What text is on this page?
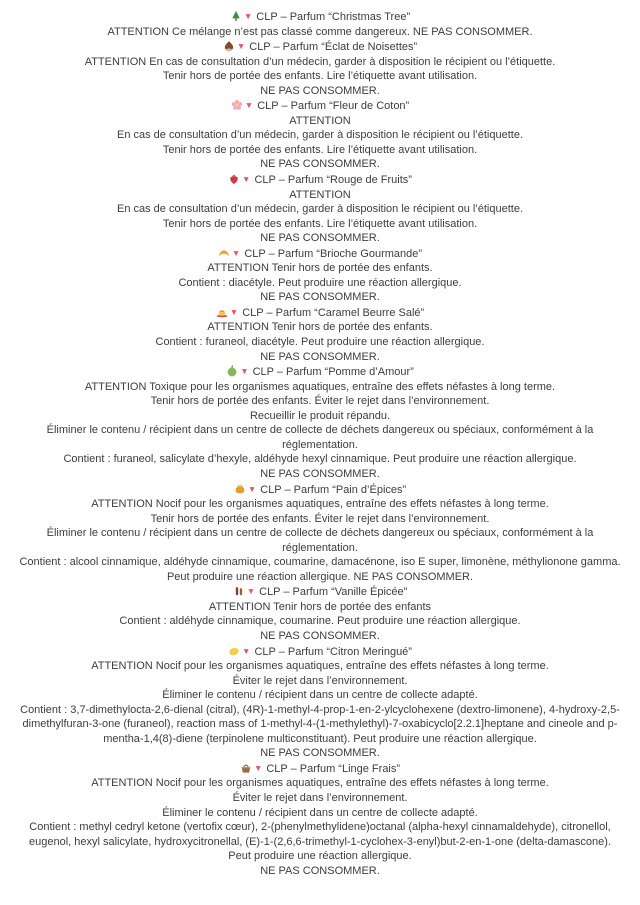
▼ CLP – Parfum “Christmas Tree”
ATTENTION Ce mélange n’est pas classé comme dangereux. NE PAS CONSOMMER.
▼ CLP – Parfum “Éclat de Noisettes”
ATTENTION En cas de consultation d’un médecin, garder à disposition le récipient ou l’étiquette.
Tenir hors de portée des enfants. Lire l’étiquette avant utilisation.
NE PAS CONSOMMER.
▼ CLP – Parfum “Fleur de Coton”
ATTENTION
En cas de consultation d’un médecin, garder à disposition le récipient ou l’étiquette.
Tenir hors de portée des enfants. Lire l’étiquette avant utilisation.
NE PAS CONSOMMER.
▼ CLP – Parfum “Rouge de Fruits”
ATTENTION
En cas de consultation d’un médecin, garder à disposition le récipient ou l’étiquette.
Tenir hors de portée des enfants. Lire l’étiquette avant utilisation.
NE PAS CONSOMMER.
▼ CLP – Parfum “Brioche Gourmande”
ATTENTION Tenir hors de portée des enfants.
Contient : diacétyle. Peut produire une réaction allergique.
NE PAS CONSOMMER.
▼ CLP – Parfum “Caramel Beurre Salé”
ATTENTION Tenir hors de portée des enfants.
Contient : furaneol, diacétyle. Peut produire une réaction allergique.
NE PAS CONSOMMER.
▼ CLP – Parfum “Pomme d’Amour”
ATTENTION Toxique pour les organismes aquatiques, entraîne des effets néfastes à long terme.
Tenir hors de portée des enfants. Éviter le rejet dans l’environnement.
Recueillir le produit répandu.
Éliminer le contenu / récipient dans un centre de collecte de déchets dangereux ou spéciaux, conformément à la réglementation.
Contient : furaneol, salicylate d’hexyle, aldéhyde hexyl cinnamique. Peut produire une réaction allergique.
NE PAS CONSOMMER.
▼ CLP – Parfum “Pain d’Épices”
ATTENTION Nocif pour les organismes aquatiques, entraîne des effets néfastes à long terme.
Tenir hors de portée des enfants. Éviter le rejet dans l’environnement.
Éliminer le contenu / récipient dans un centre de collecte de déchets dangereux ou spéciaux, conformément à la réglementation.
Contient : alcool cinnamique, aldéhyde cinnamique, coumarine, damacénone, iso E super, limonène, méthylionone gamma. Peut produire une réaction allergique. NE PAS CONSOMMER.
▼ CLP – Parfum “Vanille Épicée”
ATTENTION Tenir hors de portée des enfants
Contient : aldéhyde cinnamique, coumarine. Peut produire une réaction allergique.
NE PAS CONSOMMER.
▼ CLP – Parfum “Citron Meringué”
ATTENTION Nocif pour les organismes aquatiques, entraîne des effets néfastes à long terme.
Éviter le rejet dans l’environnement.
Éliminer le contenu / récipient dans un centre de collecte adapté.
Contient : 3,7-dimethylocta-2,6-dienal (citral), (4R)-1-methyl-4-prop-1-en-2-ylcyclohexene (dextro-limonene), 4-hydroxy-2,5-dimethylfuran-3-one (furaneol), reaction mass of 1-methyl-4-(1-methylethyl)-7-oxabicyclo[2.2.1]heptane and cineole and p-mentha-1,4(8)-diene (terpinolene multiconstituant). Peut produire une réaction allergique.
NE PAS CONSOMMER.
▼ CLP – Parfum “Linge Frais”
ATTENTION Nocif pour les organismes aquatiques, entraîne des effets néfastes à long terme.
Éviter le rejet dans l’environnement.
Éliminer le contenu / récipient dans un centre de collecte adapté.
Contient : methyl cedryl ketone (vertofix cœur), 2-(phenylmethylidene)octanal (alpha-hexyl cinnamaldehyde), citronellol, eugenol, hexyl salicylate, hydroxycitronellal, (E)-1-(2,6,6-trimethyl-1-cyclohex-3-enyl)but-2-en-1-one (delta-damascone).
Peut produire une réaction allergique.
NE PAS CONSOMMER.
